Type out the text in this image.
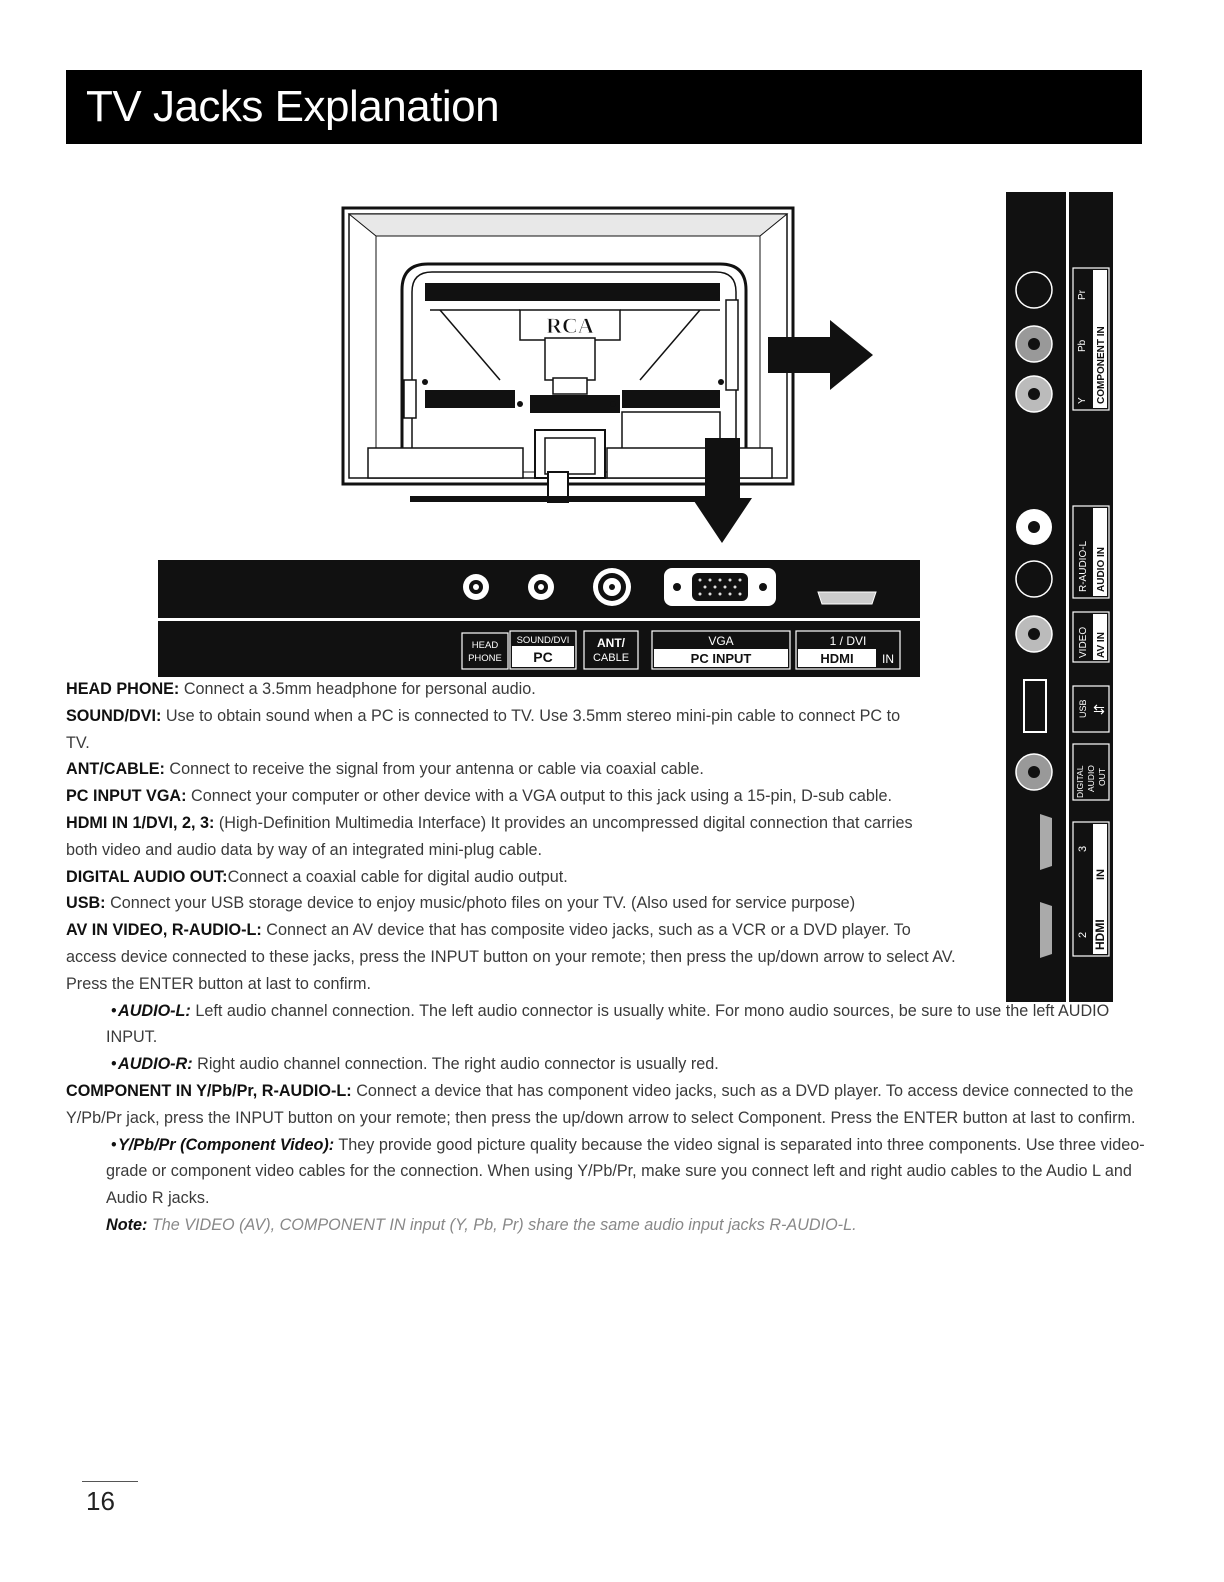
TV Jacks Explanation
RCA
HEAD
PHONE
SOUND/DVI
PC
ANT/
CABLE
VGA
PC INPUT
1 / DVI
HDMI IN
Y
Pb
Pr
COMPONENT IN
R-AUDIO-L AUDIO IN
VIDEO AV IN
USB ⇆
DIGITAL AUDIO OUT
3
2 HDMI
IN

HEAD PHONE: Connect a 3.5mm headphone for personal audio.

SOUND/DVI: Use to obtain sound when a PC is connected to TV. Use 3.5mm stereo mini-pin cable to connect PC to TV.

ANT/CABLE: Connect to receive the signal from your antenna or cable via coaxial cable.

PC INPUT VGA: Connect your computer or other device with a VGA output to this jack using a 15-pin, D-sub cable.

HDMI IN 1/DVI, 2, 3: (High-Definition Multimedia Interface) It provides an uncompressed digital connection that carries both video and audio data by way of an integrated mini-plug cable.

DIGITAL AUDIO OUT:Connect a coaxial cable for digital audio output.

USB: Connect your USB storage device to enjoy music/photo files on your TV. (Also used for service purpose)

AV IN VIDEO, R-AUDIO-L: Connect an AV device that has composite video jacks, such as a VCR or a DVD player. To access device connected to these jacks, press the INPUT button on your remote; then press the up/down arrow to select AV. Press the ENTER button at last to confirm.

• AUDIO-L: Left audio channel connection. The left audio connector is usually white. For mono audio sources, be sure to use the left AUDIO INPUT.

• AUDIO-R: Right audio channel connection. The right audio connector is usually red.

COMPONENT IN Y/Pb/Pr, R-AUDIO-L: Connect a device that has component video jacks, such as a DVD player. To access device connected to the Y/Pb/Pr jack, press the INPUT button on your remote; then press the up/down arrow to select Component. Press the ENTER button at last to confirm.

• Y/Pb/Pr (Component Video): They provide good picture quality because the video signal is separated into three components. Use three video-grade or component video cables for the connection. When using Y/Pb/Pr, make sure you connect left and right audio cables to the Audio L and Audio R jacks.

Note: The VIDEO (AV), COMPONENT IN input (Y, Pb, Pr) share the same audio input jacks R-AUDIO-L.

16
